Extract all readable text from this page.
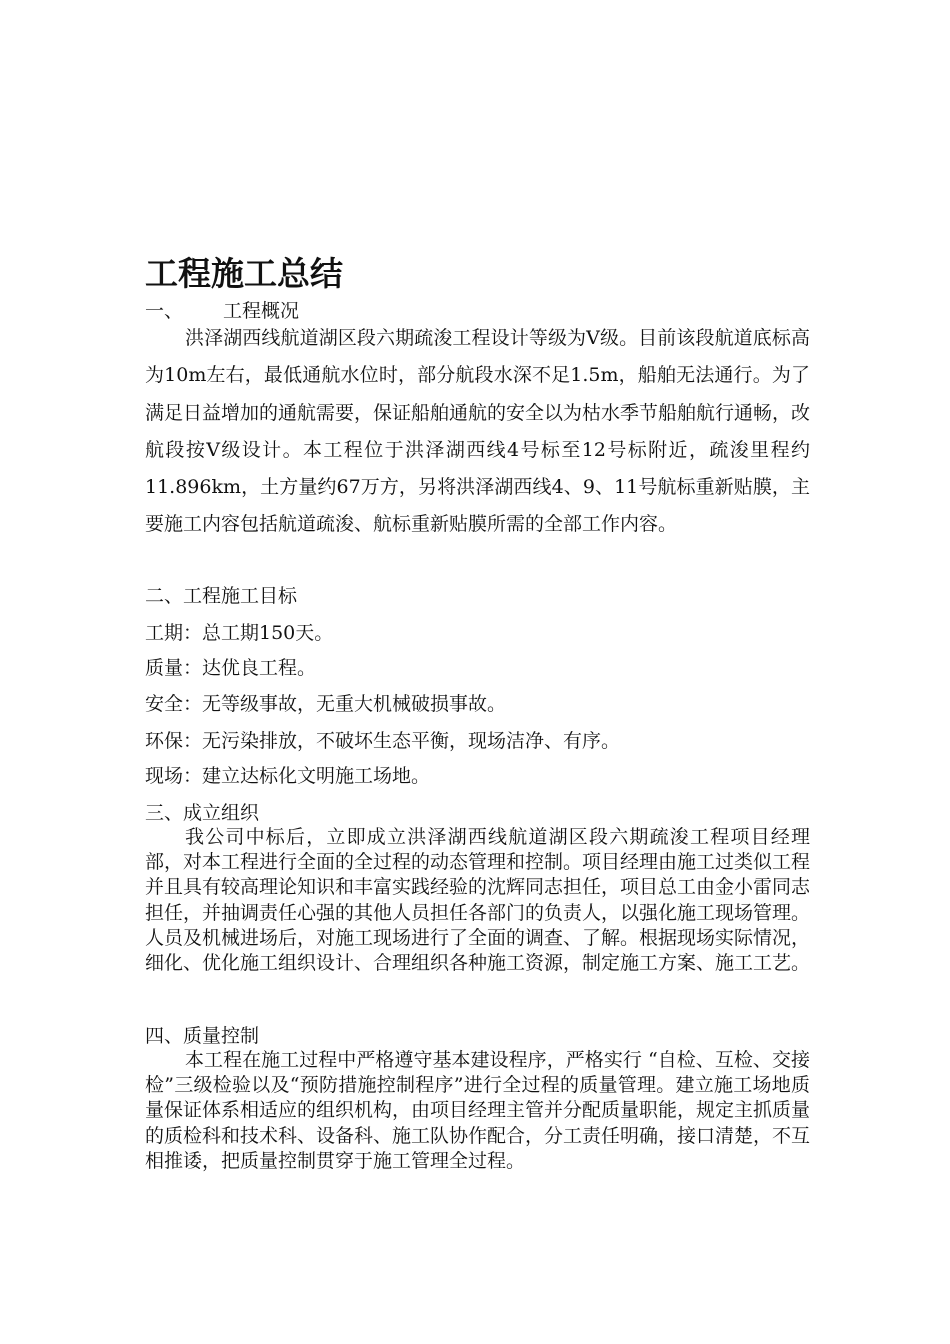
工程施工总结
一、 工程概况

洪泽湖西线航道湖区段六期疏浚工程设计等级为Ⅴ级。目前该段航道底标高为10m左右，最低通航水位时，部分航段水深不足1.5m，船舶无法通行。为了满足日益增加的通航需要，保证船舶通航的安全以为枯水季节船舶航行通畅，改航段按Ⅴ级设计。本工程位于洪泽湖西线4号标至12号标附近，疏浚里程约11.896km，土方量约67万方，另将洪泽湖西线4、9、11号航标重新贴膜，主要施工内容包括航道疏浚、航标重新贴膜所需的全部工作内容。

二、工程施工目标
工期：总工期150天。
质量：达优良工程。
安全：无等级事故，无重大机械破损事故。
环保：无污染排放，不破坏生态平衡，现场洁净、有序。
现场：建立达标化文明施工场地。
三、成立组织

我公司中标后，立即成立洪泽湖西线航道湖区段六期疏浚工程项目经理部，对本工程进行全面的全过程的动态管理和控制。项目经理由施工过类似工程并且具有较高理论知识和丰富实践经验的沈辉同志担任，项目总工由金小雷同志担任，并抽调责任心强的其他人员担任各部门的负责人，以强化施工现场管理。人员及机械进场后，对施工现场进行了全面的调查、了解。根据现场实际情况，细化、优化施工组织设计、合理组织各种施工资源，制定施工方案、施工工艺。

四、质量控制

本工程在施工过程中严格遵守基本建设程序，严格实行 “自检、互检、交接检”三级检验以及“预防措施控制程序”进行全过程的质量管理。建立施工场地质量保证体系相适应的组织机构，由项目经理主管并分配质量职能，规定主抓质量的质检科和技术科、设备科、施工队协作配合，分工责任明确，接口清楚，不互相推诿，把质量控制贯穿于施工管理全过程。
